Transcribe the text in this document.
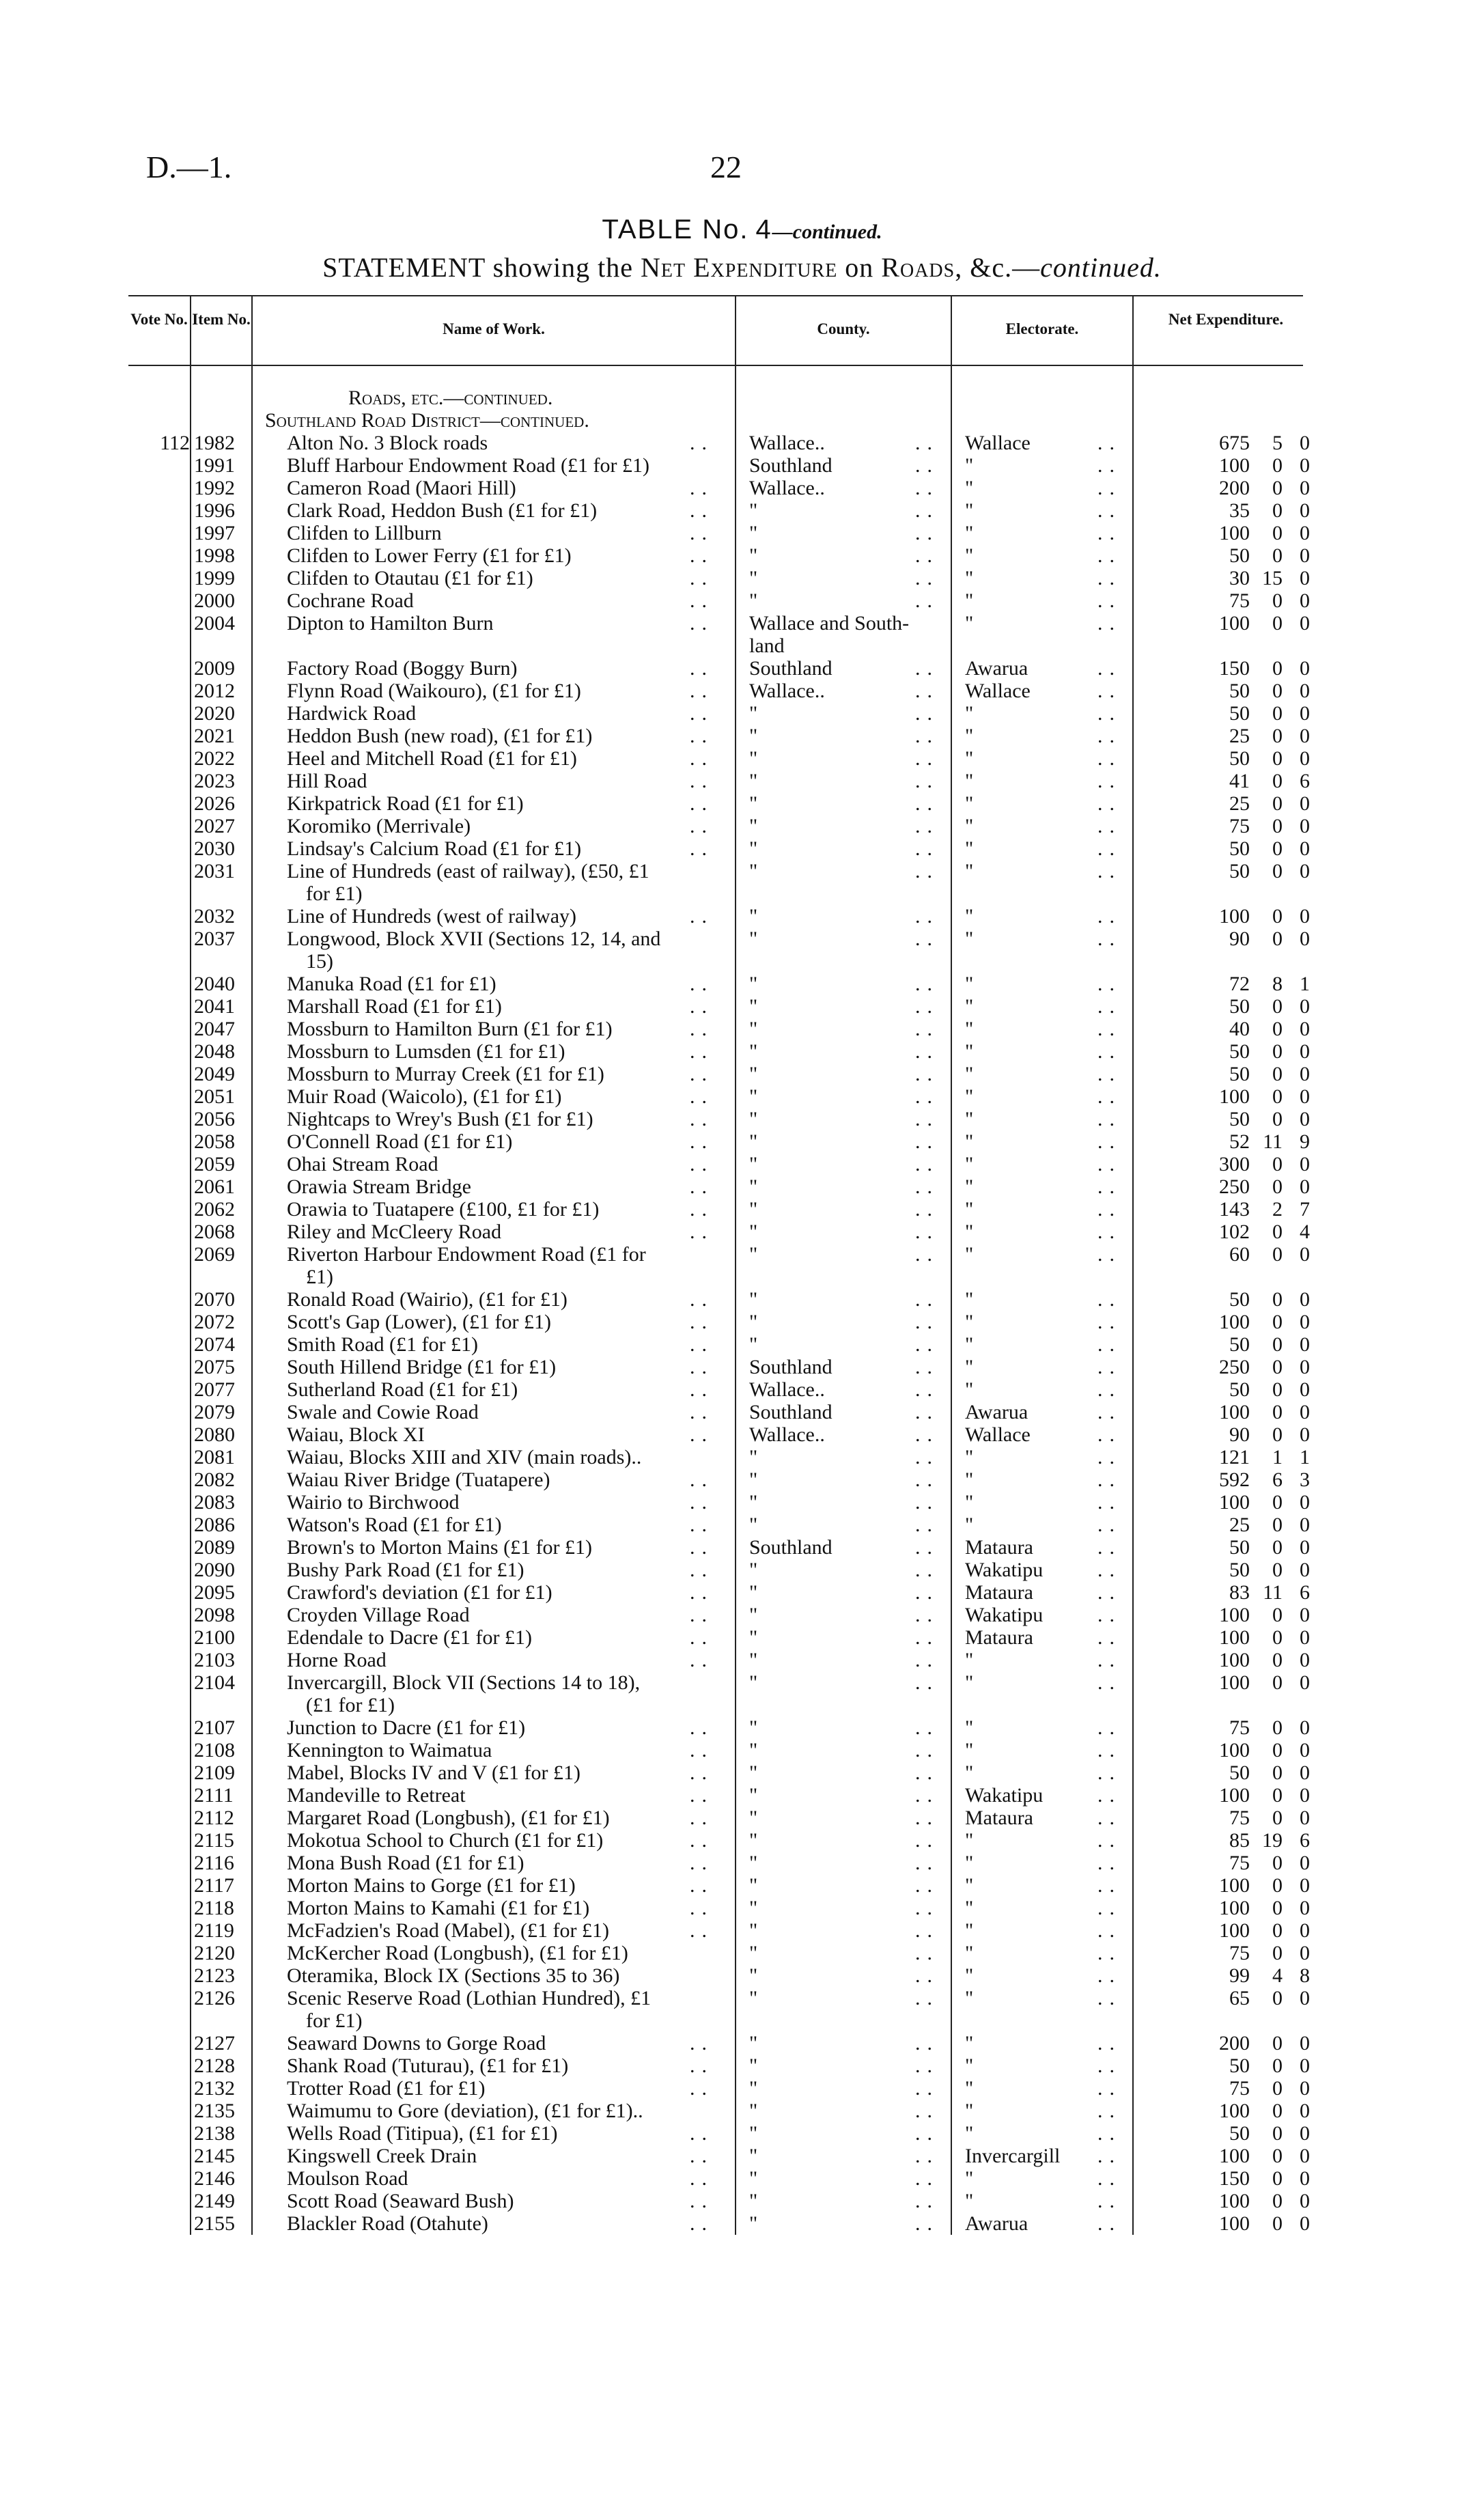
D.—1.	22
TABLE No. 4—continued.
STATEMENT showing the Net Expenditure on Roads, &c.—continued.
Vote No. Item No.
Name of Work.	County.	Electorate.
Net Expenditure.
Roads, etc.—continued.
Southland Road District—continued.
112 1982	Alton No. 3 Block roads	.. Wallace..	.. Wallace	..	675	5 0
1991	Bluff Harbour Endowment Road (£1 for £1)	Southland	.. "	..	100	0 0
1992	Cameron Road (Maori Hill)	.. Wallace..	.. "	..	200	0 0
1996	Clark Road, Heddon Bush (£1 for £1)	.. "	.. "	..	35	0 0
1997	Clifden to Lillburn	.. "	.. "	..	100	0 0
1998	Clifden to Lower Ferry (£1 for £1)	.. "	.. "	..	50	0 0
1999	Clifden to Otautau (£1 for £1)	.. "	.. "	..	30 15 0
2000	Cochrane Road	.. "	.. "	..	75	0 0
2004	Dipton to Hamilton Burn	.. Wallace and South-	"	..	100	0 0
land
2009	Factory Road (Boggy Burn)	.. Southland	.. Awarua	..	150	0 0
2012	Flynn Road (Waikouro), (£1 for £1)	.. Wallace..	.. Wallace	..	50	0 0
2020	Hardwick Road	.. "	.. "	..	50	0 0
2021	Heddon Bush (new road), (£1 for £1)	.. "	.. "	..	25	0 0
2022	Heel and Mitchell Road (£1 for £1)	.. "	.. "	..	50	0 0
2023	Hill Road	.. "	.. "	..	41	0 6
2026	Kirkpatrick Road (£1 for £1)	.. "	.. "	..	25	0 0
2027	Koromiko (Merrivale)	.. "	.. "	..	75	0 0
2030	Lindsay's Calcium Road (£1 for £1)	.. "	.. "	..	50	0 0
2031	Line of Hundreds (east of railway), (£50, £1	"	.. "	..	50	0 0
for £1)
2032	Line of Hundreds (west of railway)	.. "	.. "	..	100	0 0
2037	Longwood, Block XVII (Sections 12, 14, and	"	.. "	..	90	0 0
15)
2040	Manuka Road (£1 for £1)	.. "	.. "	..	72	8 1
2041	Marshall Road (£1 for £1)	.. "	.. "	..	50	0 0
2047	Mossburn to Hamilton Burn (£1 for £1)	.. "	.. "	..	40	0 0
2048	Mossburn to Lumsden (£1 for £1)	.. "	.. "	..	50	0 0
2049	Mossburn to Murray Creek (£1 for £1)	.. "	.. "	..	50	0 0
2051	Muir Road (Waicolo), (£1 for £1)	.. "	.. "	..	100	0 0
2056	Nightcaps to Wrey's Bush (£1 for £1)	.. "	.. "	..	50	0 0
2058	O'Connell Road (£1 for £1)	.. "	.. "	..	52 11 9
2059	Ohai Stream Road	.. "	.. "	..	300	0 0
2061	Orawia Stream Bridge	.. "	.. "	..	250	0 0
2062	Orawia to Tuatapere (£100, £1 for £1)	.. "	.. "	..	143	2 7
2068	Riley and McCleery Road	.. "	.. "	..	102	0 4
2069	Riverton Harbour Endowment Road (£1 for	"	.. "	..	60	0 0
£1)
2070	Ronald Road (Wairio), (£1 for £1)	.. "	.. "	..	50	0 0
2072	Scott's Gap (Lower), (£1 for £1)	.. "	.. "	..	100	0 0
2074	Smith Road (£1 for £1)	.. "	.. "	..	50	0 0
2075	South Hillend Bridge (£1 for £1)	.. Southland	.. "	..	250	0 0
2077	Sutherland Road (£1 for £1)	.. Wallace..	.. "	..	50	0 0
2079	Swale and Cowie Road	.. Southland	.. Awarua	..	100	0 0
2080	Waiau, Block XI	.. Wallace..	.. Wallace	..	90	0 0
2081	Waiau, Blocks XIII and XIV (main roads)..	"	.. "	..	121	1 1
2082	Waiau River Bridge (Tuatapere)	.. "	.. "	..	592	6 3
2083	Wairio to Birchwood	.. "	.. "	..	100	0 0
2086	Watson's Road (£1 for £1)	.. "	.. "	..	25	0 0
2089	Brown's to Morton Mains (£1 for £1)	.. Southland	.. Mataura	..	50	0 0
2090	Bushy Park Road (£1 for £1)	.. "	.. Wakatipu	..	50	0 0
2095	Crawford's deviation (£1 for £1)	.. "	.. Mataura	..	83 11 6
2098	Croyden Village Road	.. "	.. Wakatipu	..	100	0 0
2100	Edendale to Dacre (£1 for £1)	.. "	.. Mataura	..	100	0 0
2103	Horne Road	.. "	.. "	..	100	0 0
2104	Invercargill, Block VII (Sections 14 to 18),	"	.. "	..	100	0 0
(£1 for £1)
2107	Junction to Dacre (£1 for £1)	.. "	.. "	..	75	0 0
2108	Kennington to Waimatua	.. "	.. "	..	100	0 0
2109	Mabel, Blocks IV and V (£1 for £1)	.. "	.. "	..	50	0 0
2111	Mandeville to Retreat	.. "	.. Wakatipu	..	100	0 0
2112	Margaret Road (Longbush), (£1 for £1)	.. "	.. Mataura	..	75	0 0
2115	Mokotua School to Church (£1 for £1)	.. "	.. "	..	85 19 6
2116	Mona Bush Road (£1 for £1)	.. "	.. "	..	75	0 0
2117	Morton Mains to Gorge (£1 for £1)	.. "	.. "	..	100	0 0
2118	Morton Mains to Kamahi (£1 for £1)	.. "	.. "	..	100	0 0
2119	McFadzien's Road (Mabel), (£1 for £1)	.. "	.. "	..	100	0 0
2120	McKercher Road (Longbush), (£1 for £1)	"	.. "	..	75	0 0
2123	Oteramika, Block IX (Sections 35 to 36)	"	.. "	..	99	4 8
2126	Scenic Reserve Road (Lothian Hundred), £1	"	.. "	..	65	0 0
for £1)
2127	Seaward Downs to Gorge Road	.. "	.. "	..	200	0 0
2128	Shank Road (Tuturau), (£1 for £1)	.. "	.. "	..	50	0 0
2132	Trotter Road (£1 for £1)	.. "	.. "	..	75	0 0
2135	Waimumu to Gore (deviation), (£1 for £1)..	"	.. "	..	100	0 0
2138	Wells Road (Titipua), (£1 for £1)	.. "	.. "	..	50	0 0
2145	Kingswell Creek Drain	.. "	.. Invercargill ..	100	0 0
2146	Moulson Road	.. "	.. "	..	150	0 0
2149	Scott Road (Seaward Bush)	.. "	.. "	..	100	0 0
2155	Blackler Road (Otahute)	.. "	.. Awarua	..	100	0 0
